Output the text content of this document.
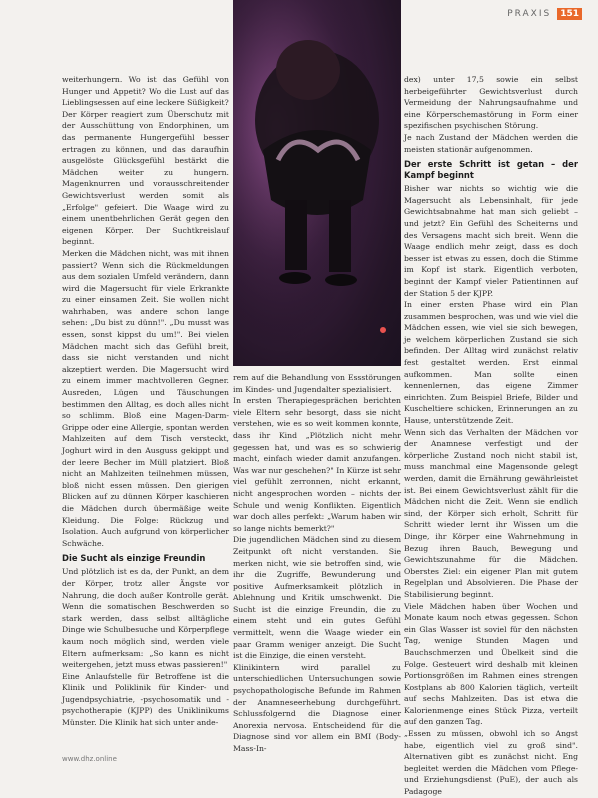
PRAXIS	151

weiterhungern. Wo ist das Gefühl von Hunger und Appetit? Wo die Lust auf das Lieblingsessen auf eine leckere Süßigkeit?

Der Körper reagiert zum Überschutz mit der Ausschüttung von Endorphinen, um das permanente Hungergefühl besser ertragen zu können, und das daraufhin ausgelöste Glücksgefühl bestärkt die Mädchen weiter zu hungern. Magenknurren und vorausschreitender Gewichtsverlust werden somit als „Erfolge" gefeiert. Die Waage wird zu einem unentbehrlichen Gerät gegen den eigenen Körper. Der Suchtkreislauf beginnt.

Merken die Mädchen nicht, was mit ihnen passiert? Wenn sich die Rückmeldungen aus dem sozialen Umfeld verändern, dann wird die Magersucht für viele Erkrankte zu einer einsamen Zeit. Sie wollen nicht wahrhaben, was andere schon lange sehen: „Du bist zu dünn!". „Du musst was essen, sonst kippst du um!". Bei vielen Mädchen macht sich das Gefühl breit, dass sie nicht verstanden und nicht akzeptiert werden. Die Magersucht wird zu einem immer machtvolleren Gegner. Ausreden, Lügen und Täuschungen bestimmen den Alltag, es doch alles nicht so schlimm. Bloß eine Magen-Darm-Grippe oder eine Allergie, spontan werden Mahlzeiten auf dem Tisch versteckt, Joghurt wird in den Ausguss gekippt und der leere Becher im Müll platziert. Bloß nicht an Mahlzeiten teilnehmen müssen, bloß nicht essen müssen. Den gierigen Blicken auf zu dünnen Körper kaschieren die Mädchen durch übermäßige weite Kleidung. Die Folge: Rückzug und Isolation. Auch aufgrund von körperlicher Schwäche.

Die Sucht als einzige Freundin

Und plötzlich ist es da, der Punkt, an dem der Körper, trotz aller Ängste vor Nahrung, die doch außer Kontrolle gerät. Wenn die somatischen Beschwerden so stark werden, dass selbst alltägliche Dinge wie Schulbesuche und Körperpflege kaum noch möglich sind, werden viele Eltern aufmerksam: „So kann es nicht weitergehen, jetzt muss etwas passieren!"

Eine Anlaufstelle für Betroffene ist die Klinik und Poliklinik für Kinder- und Jugendpsychiatrie, -psychosomatik und -psychotherapie (KJPP) des Uniklinikums Münster. Die Klinik hat sich unter ande-

rem auf die Behandlung von Essstörungen im Kindes- und Jugendalter spezialisiert.

In ersten Therapiegesprächen berichten viele Eltern sehr besorgt, dass sie nicht verstehen, wie es so weit kommen konnte, dass ihr Kind „Plötzlich nicht mehr gegessen hat, und was es so schwierig macht, einfach wieder damit anzufangen. Was war nur geschehen?" In Kürze ist sehr viel gefühlt zerronnen, nicht erkannt, nicht angesprochen worden – nichts der Schule und wenig Konflikten. Eigentlich war doch alles perfekt: „Warum haben wir so lange nichts bemerkt?"

Die jugendlichen Mädchen sind zu diesem Zeitpunkt oft nicht verstanden. Sie merken nicht, wie sie betroffen sind, wie ihr die Zugriffe, Bewunderung und positive Aufmerksamkeit plötzlich in Ablehnung und Kritik umschwenkt. Die Sucht ist die einzige Freundin, die zu einem steht und ein gutes Gefühl vermittelt, wenn die Waage wieder ein paar Gramm weniger anzeigt. Die Sucht ist die Einzige, die einen versteht.

Klinikintern wird parallel zu unterschiedlichen Untersuchungen sowie psychopathologische Befunde im Rahmen der Anamneseerhebung durchgeführt. Schlussfolgernd die Diagnose einer Anorexia nervosa. Entscheidend für die Diagnose sind vor allem ein BMI (Body-Mass-In-

dex) unter 17,5 sowie ein selbst herbeigeführter Gewichtsverlust durch Vermeidung der Nahrungsaufnahme und eine Körperschemastörung in Form einer spezifischen psychischen Störung.

Je nach Zustand der Mädchen werden die meisten stationär aufgenommen.

Der erste Schritt ist getan – der Kampf beginnt

Bisher war nichts so wichtig wie die Magersucht als Lebensinhalt, für jede Gewichtsabnahme hat man sich geliebt – und jetzt? Ein Gefühl des Scheiterns und des Versagens macht sich breit. Wenn die Waage endlich mehr zeigt, dass es doch besser ist etwas zu essen, doch die Stimme im Kopf ist stark. Eigentlich verboten, beginnt der Kampf vieler Patientinnen auf der Station 5 der KJPP.

In einer ersten Phase wird ein Plan zusammen besprochen, was und wie viel die Mädchen essen, wie viel sie sich bewegen, je welchem körperlichen Zustand sie sich befinden. Der Alltag wird zunächst relativ fest gestaltet werden. Erst einmal aufkommen. Man sollte einen kennenlernen, das eigene Zimmer einrichten. Zum Beispiel Briefe, Bilder und Kuscheltiere schicken, Erinnerungen an zu Hause, unterstützende Zeit.

Wenn sich das Verhalten der Mädchen vor der Anamnese verfestigt und der körperliche Zustand noch nicht stabil ist, muss manchmal eine Magensonde gelegt werden, damit die Ernährung gewährleistet ist. Bei einem Gewichtsverlust zählt für die Mädchen nicht die Zeit. Wenn sie endlich sind, der Körper sich erholt, Schritt für Schritt wieder lernt ihr Wissen um die Dinge, ihr Körper eine Wahrnehmung in Bezug ihren Bauch, Bewegung und Gewichtszunahme für die Mädchen. Oberstes Ziel: ein eigener Plan mit gutem Regelplan und Absolvieren. Die Phase der Stabilisierung beginnt.

Viele Mädchen haben über Wochen und Monate kaum noch etwas gegessen. Schon ein Glas Wasser ist soviel für den nächsten Tag, wenige Stunden Magen und Bauchschmerzen und Übelkeit sind die Folge. Gesteuert wird deshalb mit kleinen Portionsgrößen im Rahmen eines strengen Kostplans ab 800 Kalorien täglich, verteilt auf sechs Mahlzeiten. Das ist etwa die Kalorienmenge eines Stück Pizza, verteilt auf den ganzen Tag.

„Essen zu müssen, obwohl ich so Angst habe, eigentlich viel zu groß sind". Alternativen gibt es zunächst nicht. Eng begleitet werden die Mädchen vom Pflege- und Erziehungsdienst (PuE), der auch als Padagoge

www.dhz.online
